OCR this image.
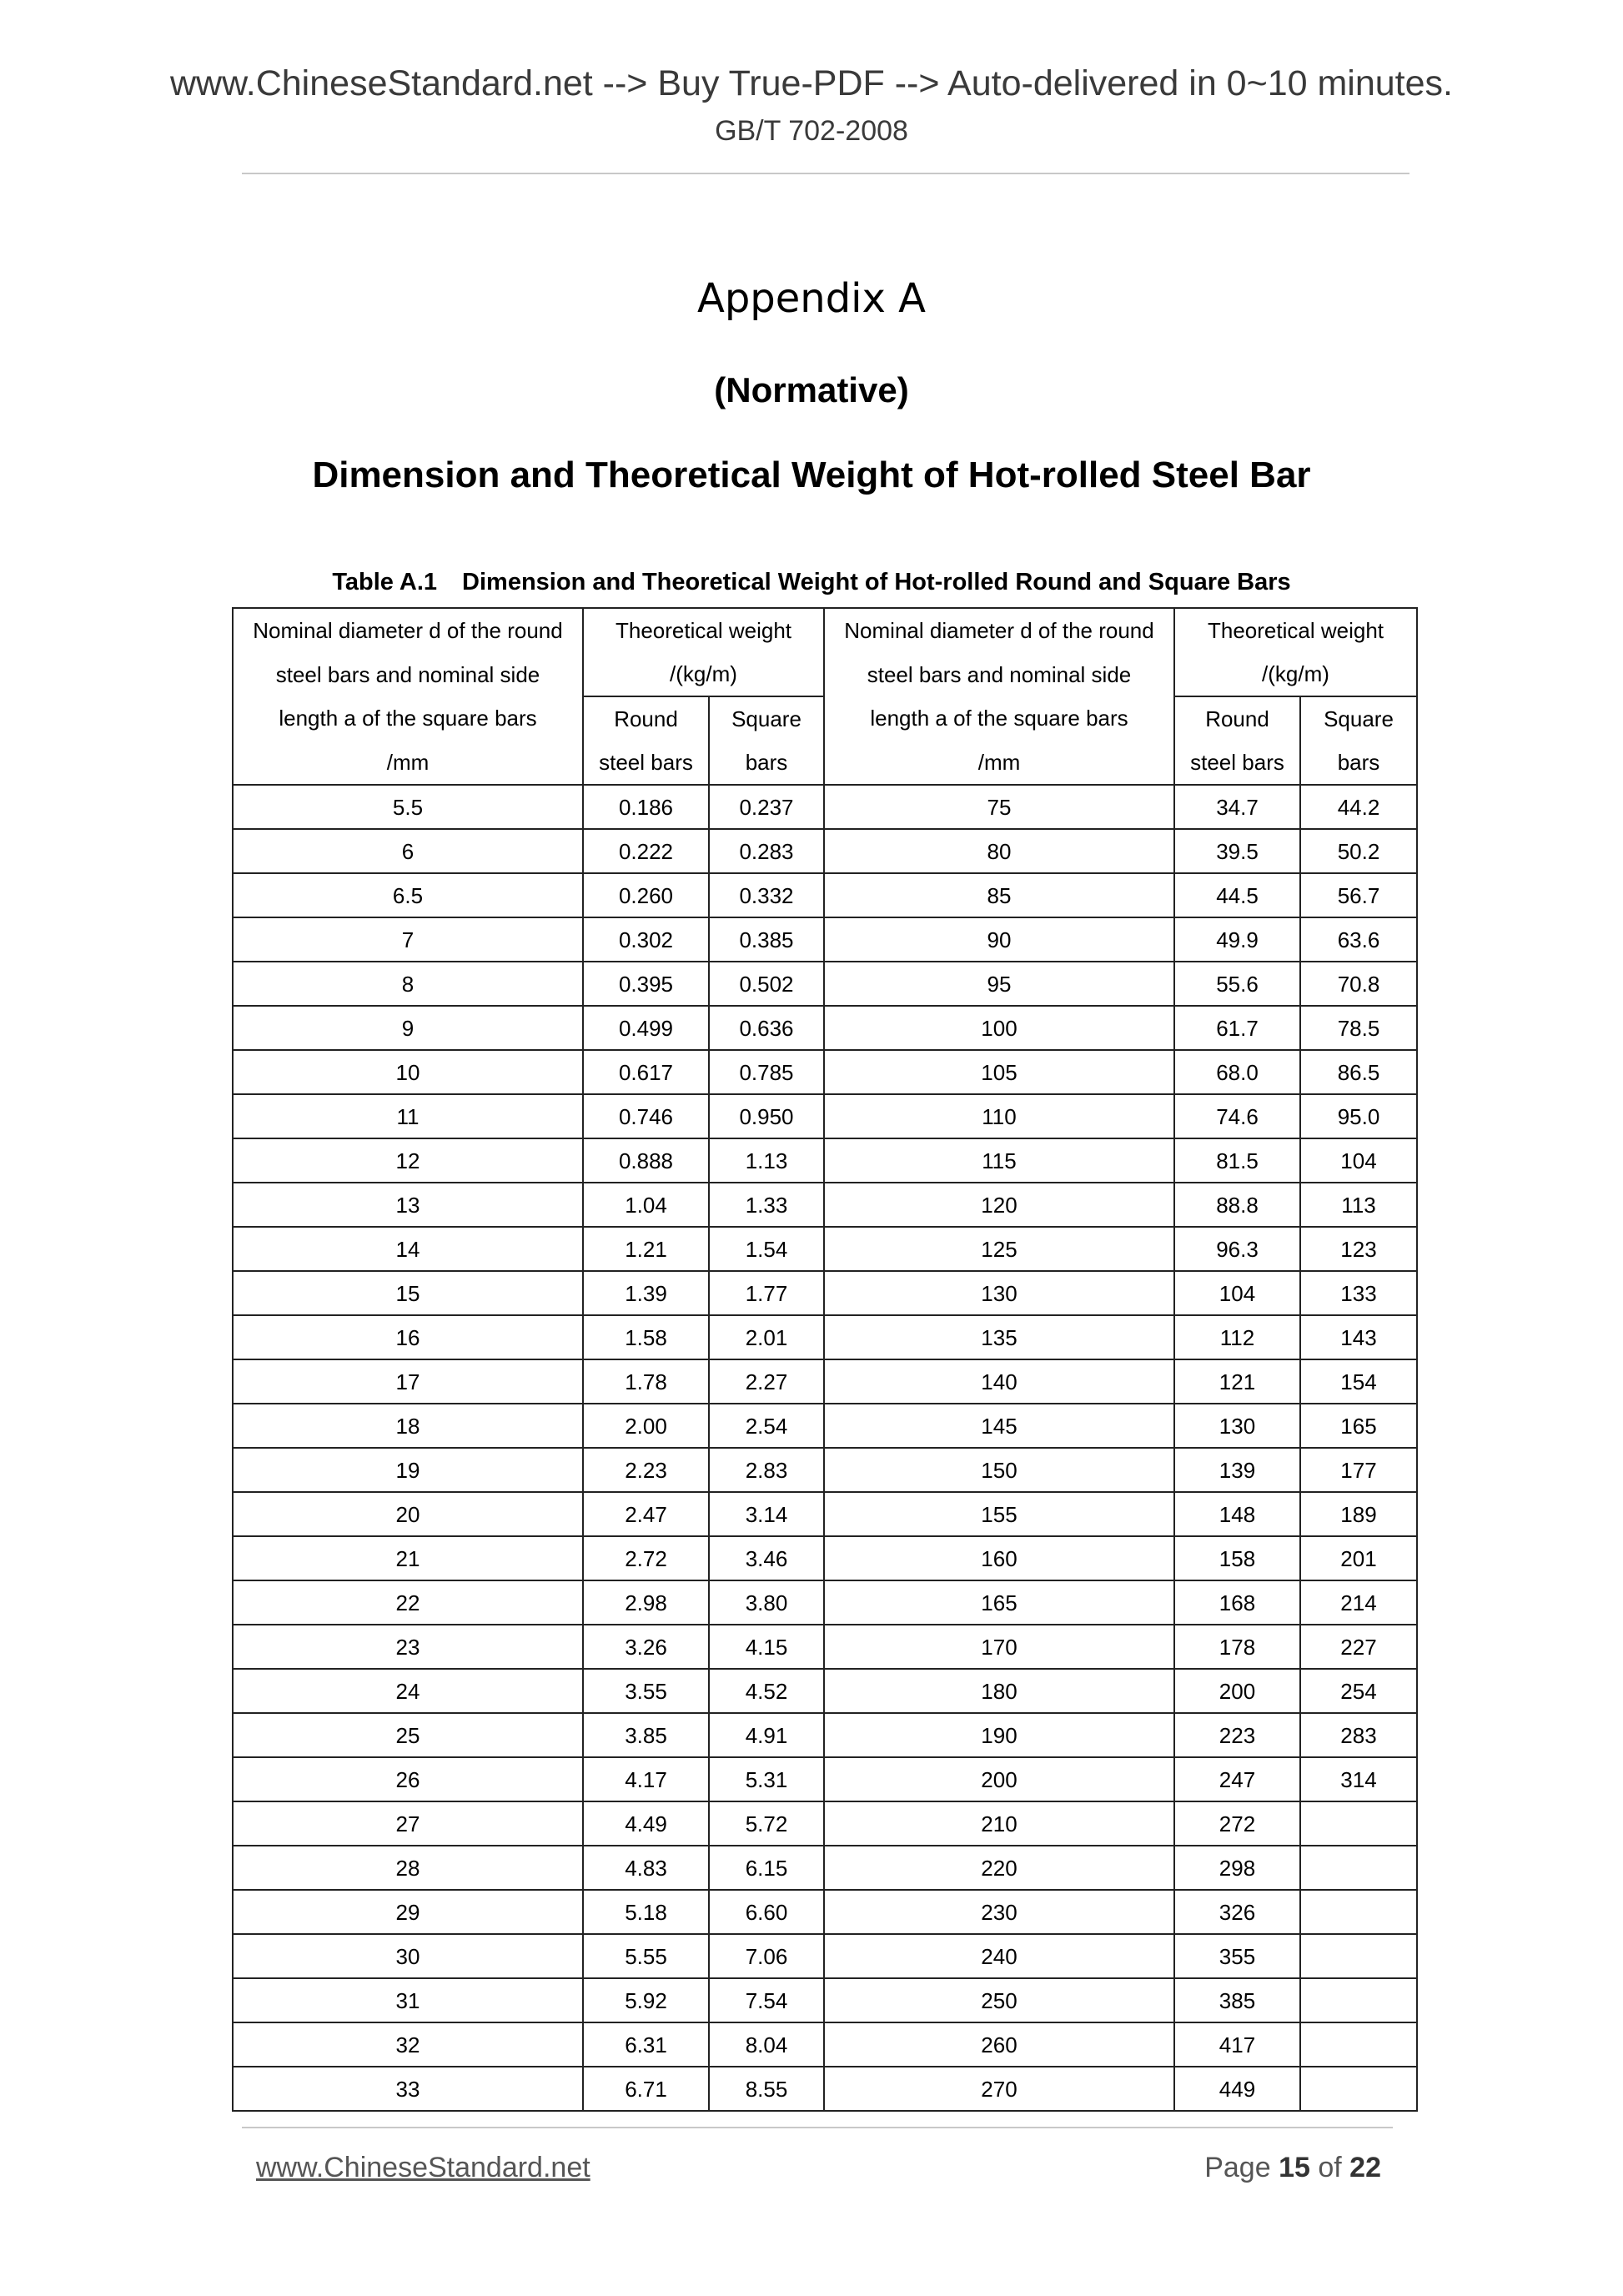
www.ChineseStandard.net --> Buy True-PDF --> Auto-delivered in 0~10 minutes.
GB/T 702-2008
Appendix A
(Normative)
Dimension and Theoretical Weight of Hot-rolled Steel Bar
Table A.1 Dimension and Theoretical Weight of Hot-rolled Round and Square Bars
Nominal diameter d of the round
steel bars and nominal side
length a of the square bars
/mm	Theoretical weight
/(kg/m)		Nominal diameter d of the round
steel bars and nominal side
length a of the square bars
/mm	Theoretical weight
/(kg/m)	

	Round
steel bars	Square
bars		Round
steel bars	Square
bars

5.5	0.186	0.237	75	34.7	44.2
6	0.222	0.283	80	39.5	50.2
6.5	0.260	0.332	85	44.5	56.7
7	0.302	0.385	90	49.9	63.6
8	0.395	0.502	95	55.6	70.8
9	0.499	0.636	100	61.7	78.5
10	0.617	0.785	105	68.0	86.5
11	0.746	0.950	110	74.6	95.0
12	0.888	1.13	115	81.5	104
13	1.04	1.33	120	88.8	113
14	1.21	1.54	125	96.3	123
15	1.39	1.77	130	104	133
16	1.58	2.01	135	112	143
17	1.78	2.27	140	121	154
18	2.00	2.54	145	130	165
19	2.23	2.83	150	139	177
20	2.47	3.14	155	148	189
21	2.72	3.46	160	158	201
22	2.98	3.80	165	168	214
23	3.26	4.15	170	178	227
24	3.55	4.52	180	200	254
25	3.85	4.91	190	223	283
26	4.17	5.31	200	247	314
27	4.49	5.72	210	272	
28	4.83	6.15	220	298	
29	5.18	6.60	230	326	
30	5.55	7.06	240	355	
31	5.92	7.54	250	385	
32	6.31	8.04	260	417	
33	6.71	8.55	270	449	
www.ChineseStandard.net	Page 15 of 22
